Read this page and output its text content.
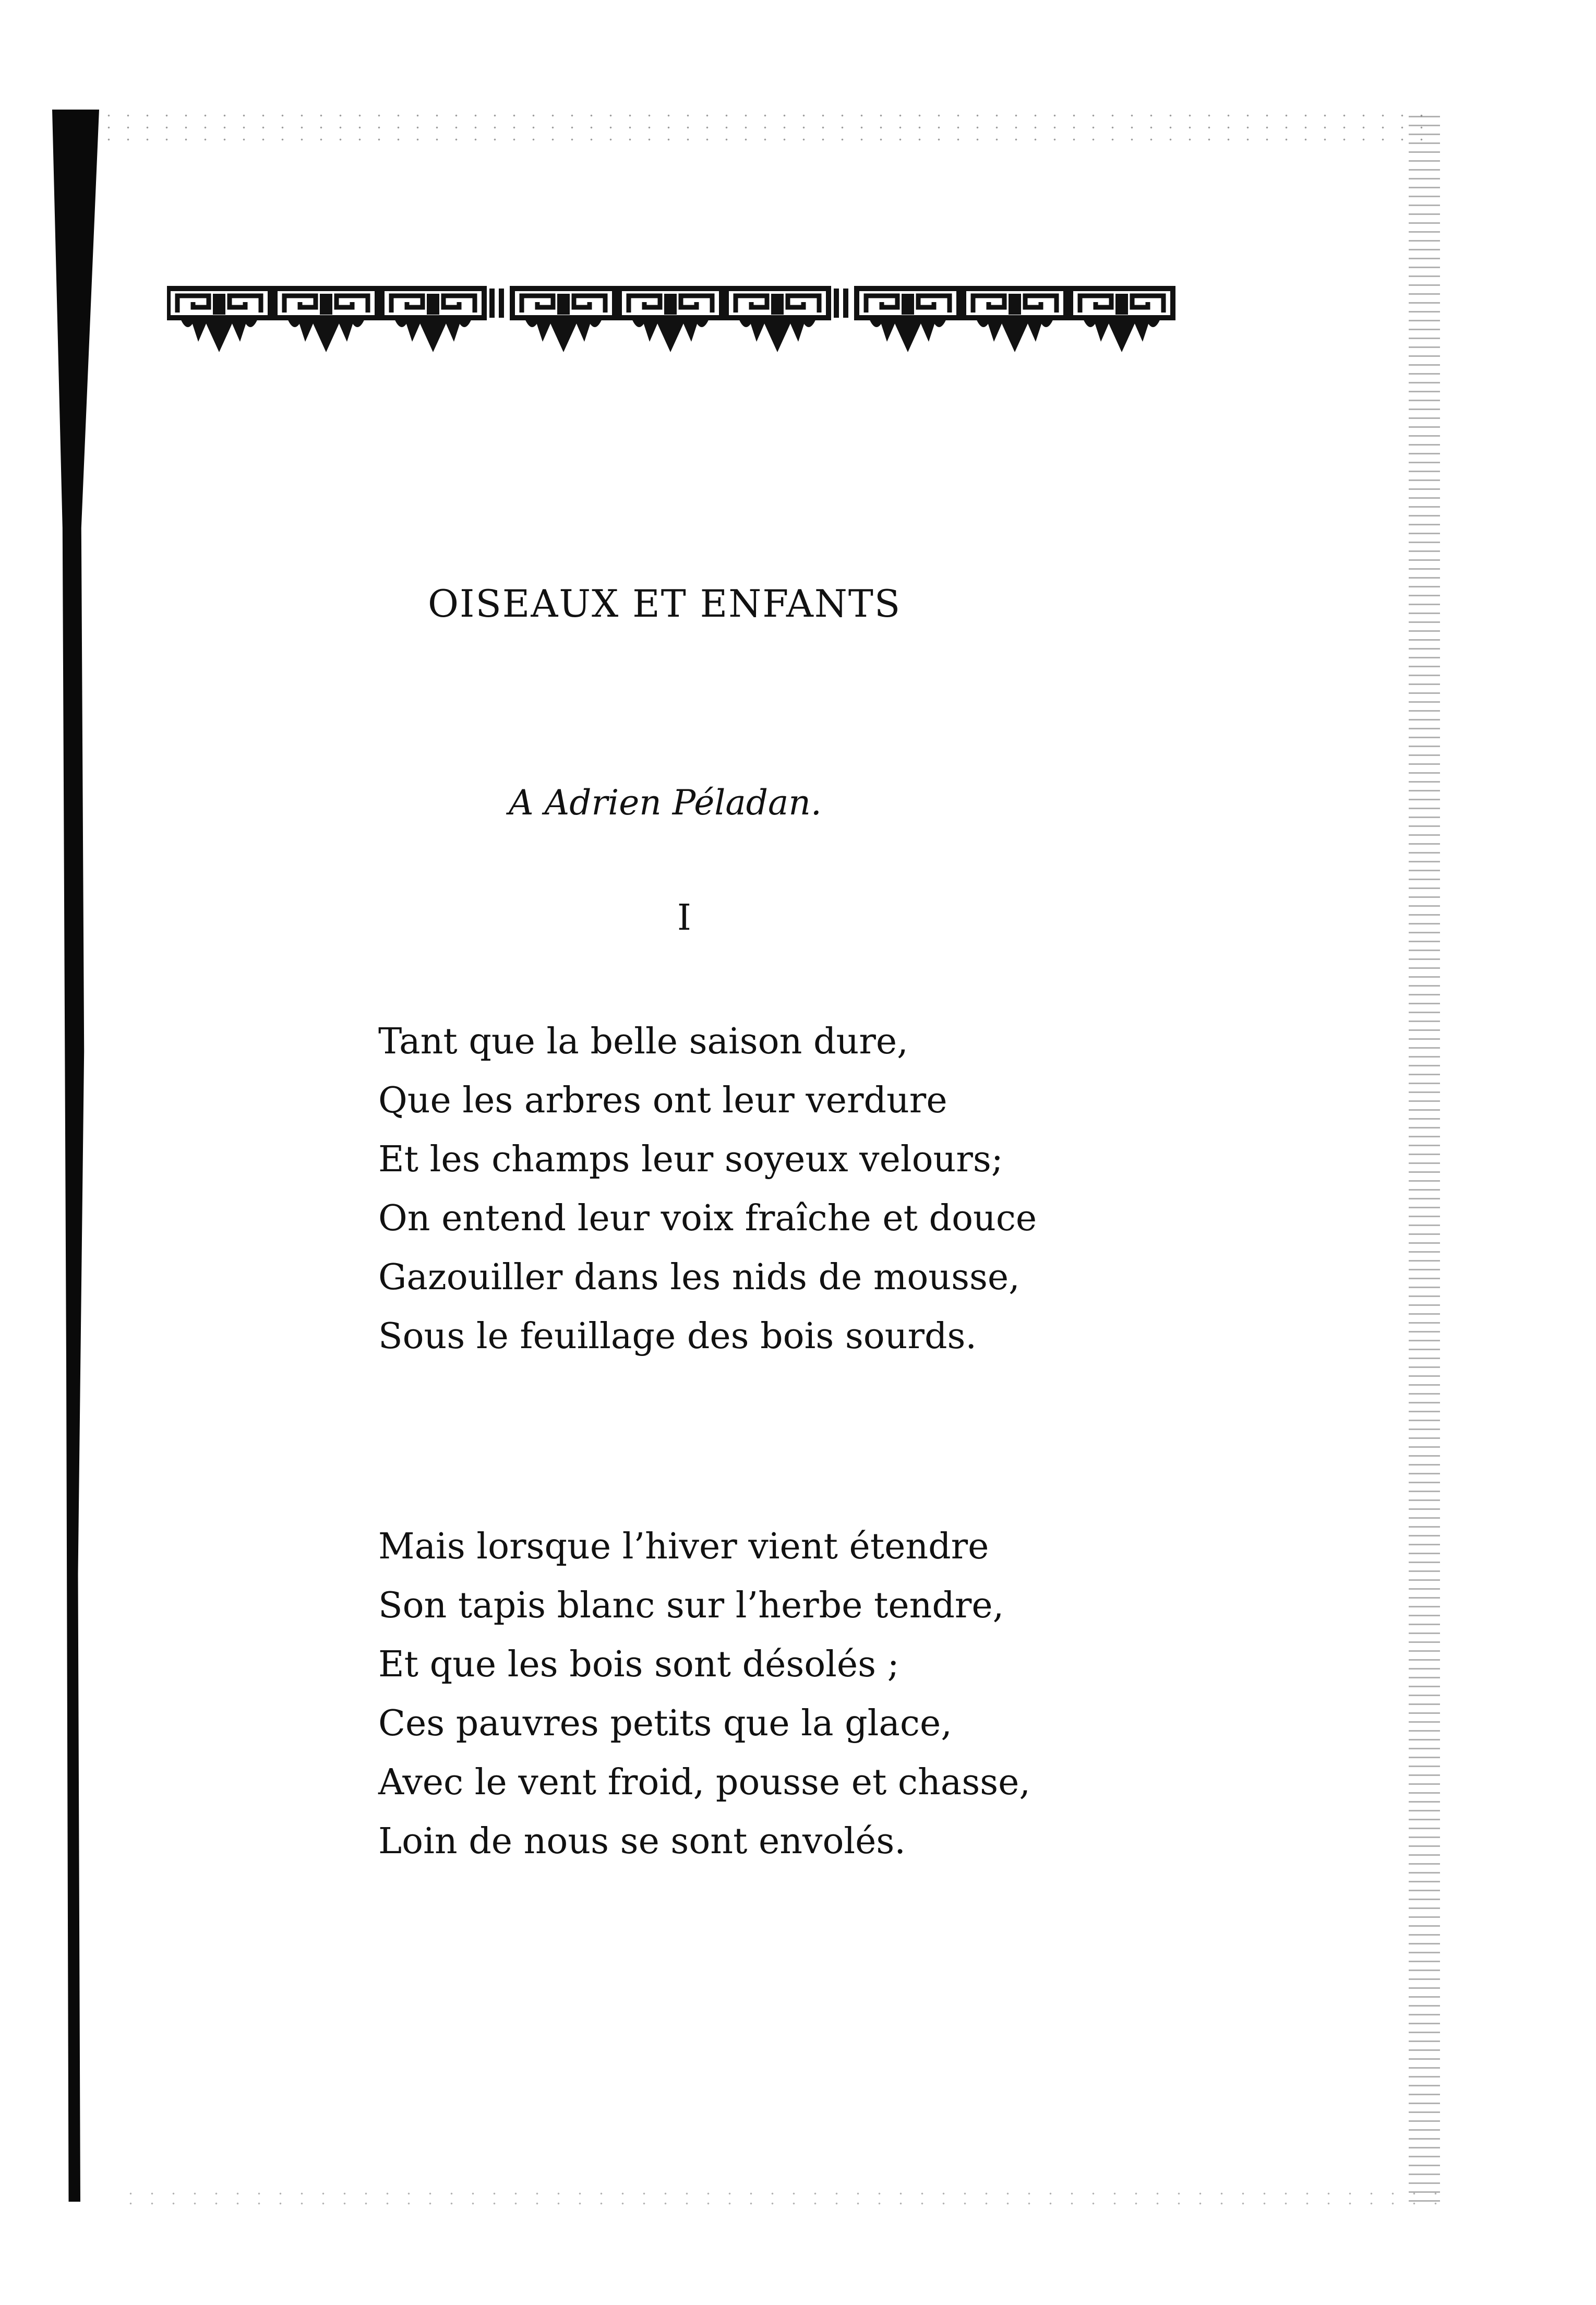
OISEAUX ET ENFANTS
A Adrien Péladan.
I
Tant que la belle saison dure,
Que les arbres ont leur verdure
Et les champs leur soyeux velours;
On entend leur voix fraîche et douce
Gazouiller dans les nids de mousse,
Sous le feuillage des bois sourds.
Mais lorsque l’hiver vient étendre
Son tapis blanc sur l’herbe tendre,
Et que les bois sont désolés ;
Ces pauvres petits que la glace,
Avec le vent froid, pousse et chasse,
Loin de nous se sont envolés.
